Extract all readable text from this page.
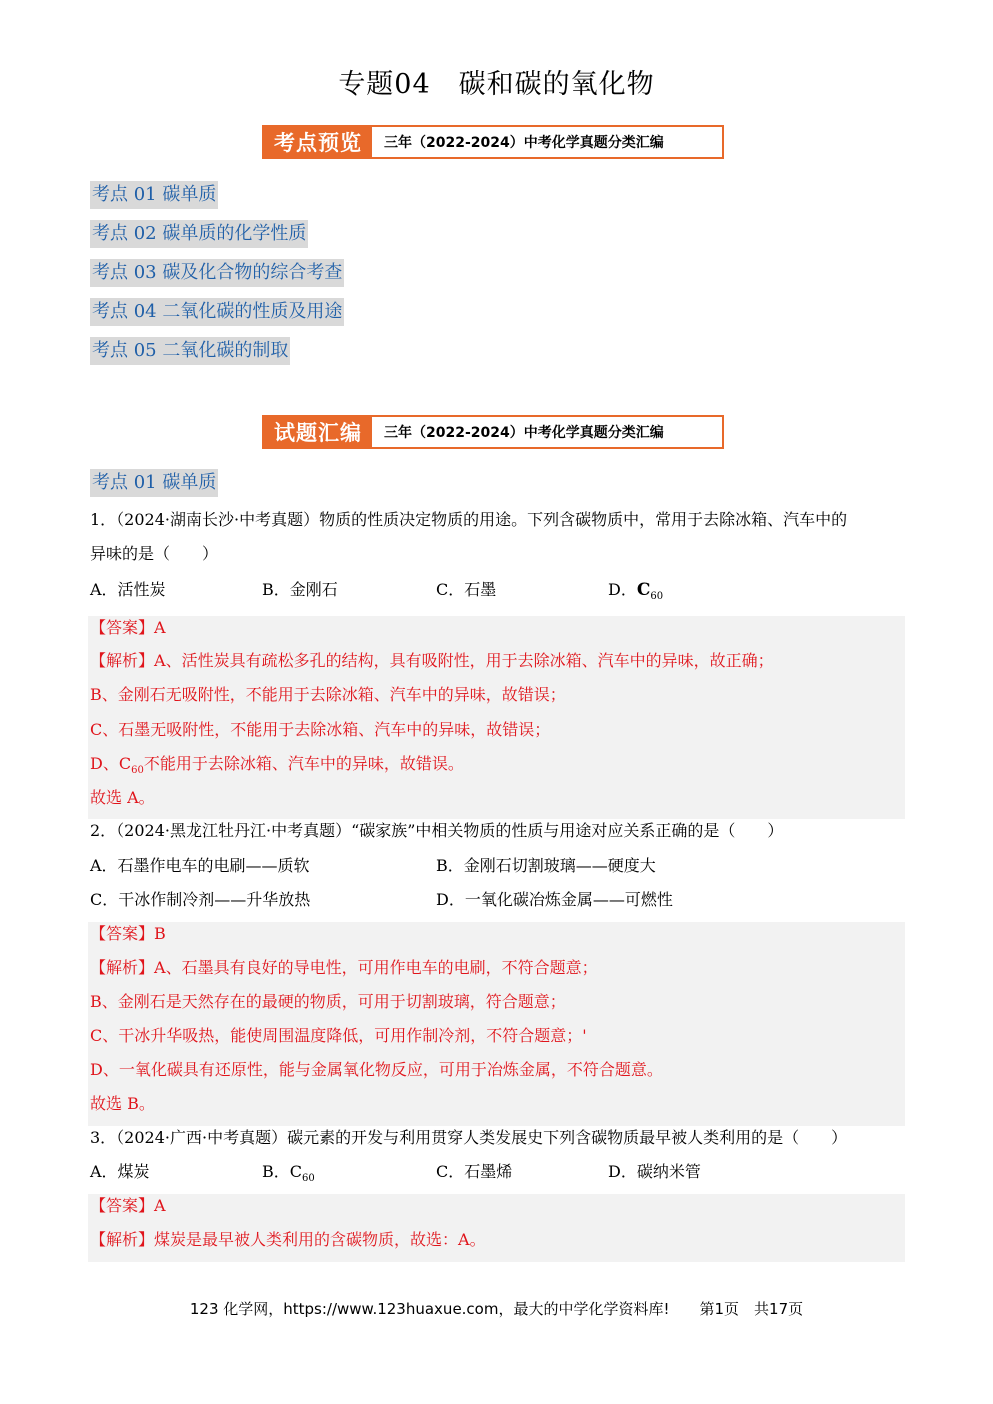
专题04　碳和碳的氧化物
考点预览	三年（2022-2024）中考化学真题分类汇编
考点 01 碳单质
考点 02 碳单质的化学性质
考点 03 碳及化合物的综合考查
考点 04 二氧化碳的性质及用途
考点 05 二氧化碳的制取
试题汇编	三年（2022-2024）中考化学真题分类汇编
考点 01 碳单质
1．（2024·湖南长沙·中考真题）物质的性质决定物质的用途。下列含碳物质中，常用于去除冰箱、汽车中的
异味的是（　　）
A．活性炭	B．金刚石	C．石墨	D．$C_{60}$
【答案】A
【解析】A、活性炭具有疏松多孔的结构，具有吸附性，用于去除冰箱、汽车中的异味，故正确；
B、金刚石无吸附性，不能用于去除冰箱、汽车中的异味，故错误；
C、石墨无吸附性，不能用于去除冰箱、汽车中的异味，故错误；
D、$C_{60}$不能用于去除冰箱、汽车中的异味，故错误。
故选 A。
2．（2024·黑龙江牡丹江·中考真题）“碳家族”中相关物质的性质与用途对应关系正确的是（　　）
A．石墨作电车的电刷——质软	B．金刚石切割玻璃——硬度大
C．干冰作制冷剂——升华放热	D．一氧化碳冶炼金属——可燃性
【答案】B
【解析】A、石墨具有良好的导电性，可用作电车的电刷，不符合题意；
B、金刚石是天然存在的最硬的物质，可用于切割玻璃，符合题意；
C、干冰升华吸热，能使周围温度降低，可用作制冷剂，不符合题意；'
D、一氧化碳具有还原性，能与金属氧化物反应，可用于冶炼金属，不符合题意。
故选 B。
3．（2024·广西·中考真题）碳元素的开发与利用贯穿人类发展史下列含碳物质最早被人类利用的是（　　）
A．煤炭	B．$C_{60}$	C．石墨烯	D．碳纳米管
【答案】A
【解析】煤炭是最早被人类利用的含碳物质，故选：A。
123 化学网，https://www.123huaxue.com，最大的中学化学资料库!　　第1页　共17页
